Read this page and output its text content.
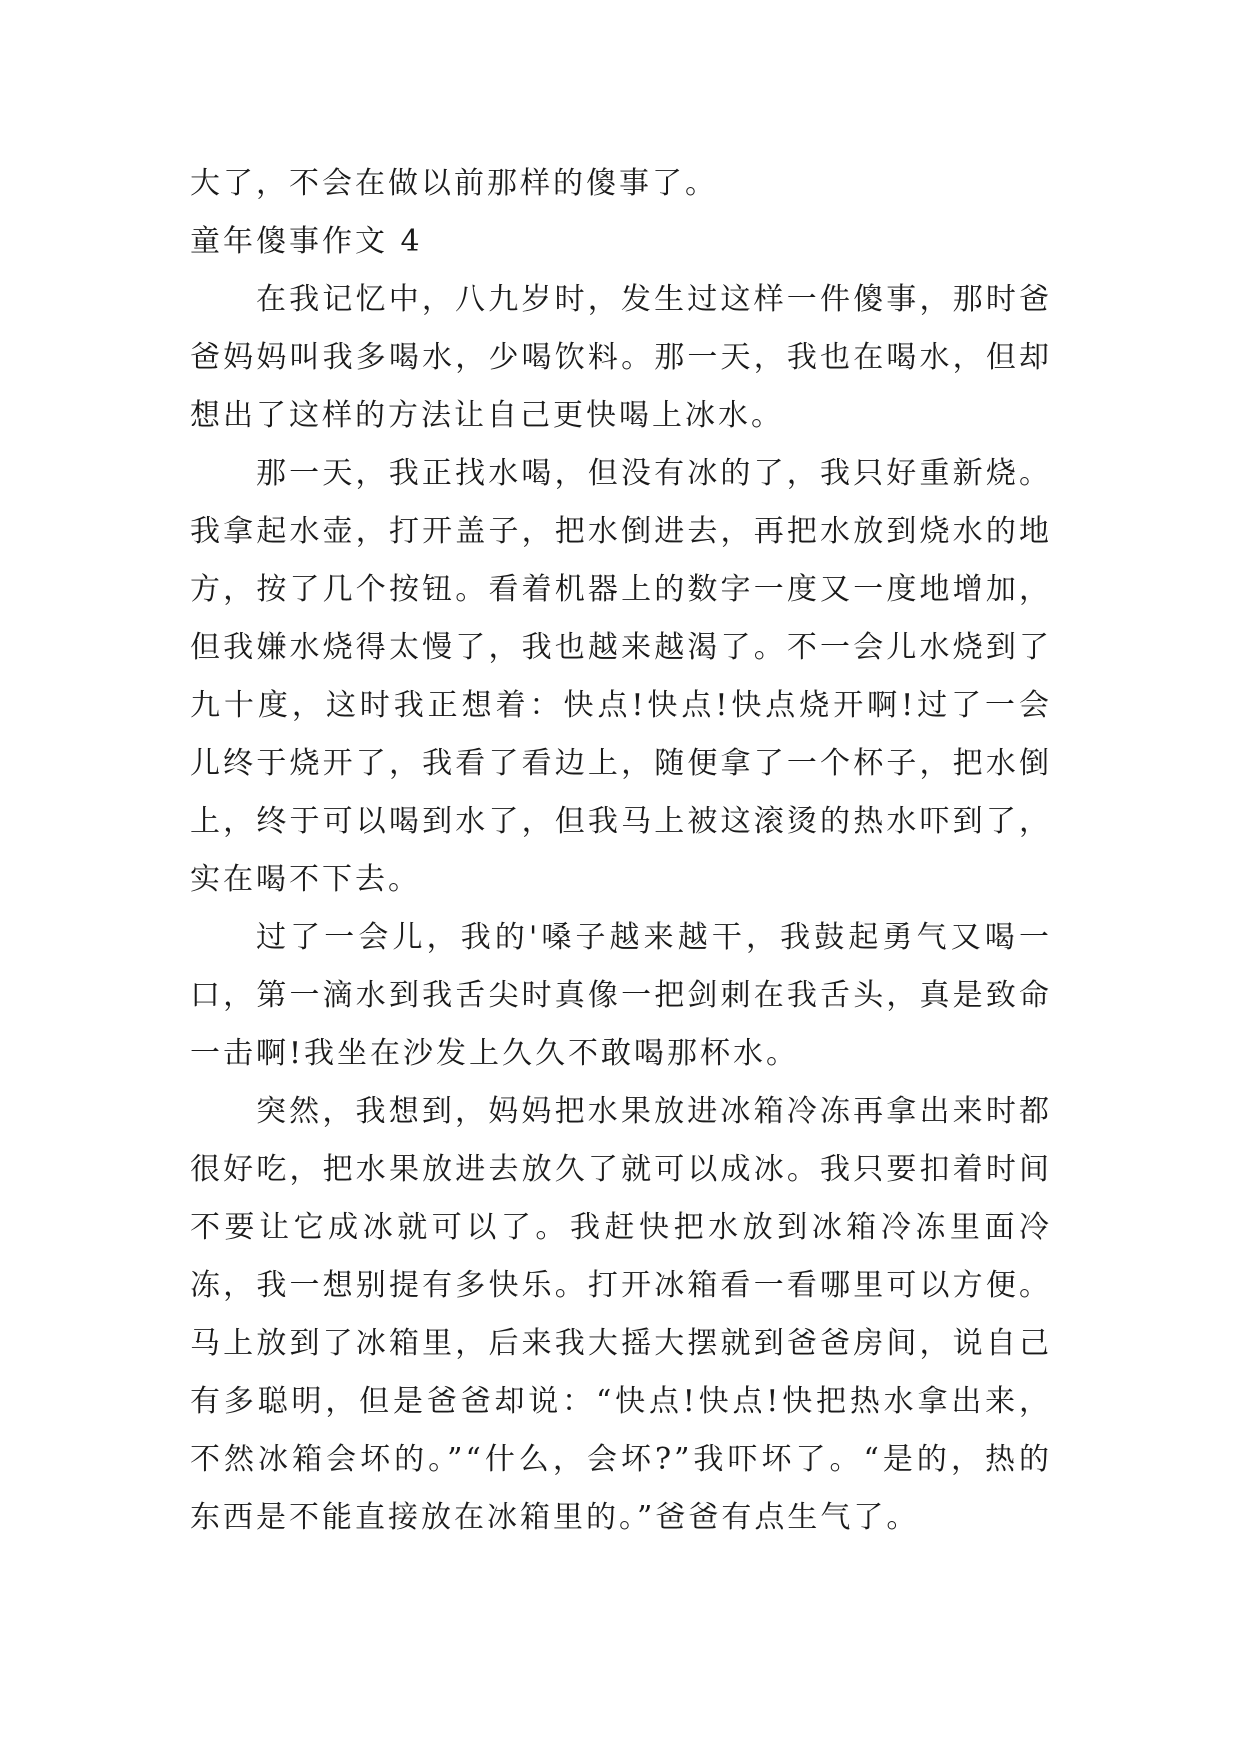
大了，不会在做以前那样的傻事了。

童年傻事作文 4

在我记忆中，八九岁时，发生过这样一件傻事，那时爸爸妈妈叫我多喝水，少喝饮料。那一天，我也在喝水，但却想出了这样的方法让自己更快喝上冰水。

那一天，我正找水喝，但没有冰的了，我只好重新烧。我拿起水壶，打开盖子，把水倒进去，再把水放到烧水的地方，按了几个按钮。看着机器上的数字一度又一度地增加，但我嫌水烧得太慢了，我也越来越渴了。不一会儿水烧到了九十度，这时我正想着：快点!快点!快点烧开啊!过了一会儿终于烧开了，我看了看边上，随便拿了一个杯子，把水倒上，终于可以喝到水了，但我马上被这滚烫的热水吓到了，实在喝不下去。

过了一会儿，我的'嗓子越来越干，我鼓起勇气又喝一口，第一滴水到我舌尖时真像一把剑刺在我舌头，真是致命一击啊!我坐在沙发上久久不敢喝那杯水。

突然，我想到，妈妈把水果放进冰箱冷冻再拿出来时都很好吃，把水果放进去放久了就可以成冰。我只要扣着时间不要让它成冰就可以了。我赶快把水放到冰箱冷冻里面冷冻，我一想别提有多快乐。打开冰箱看一看哪里可以方便。马上放到了冰箱里，后来我大摇大摆就到爸爸房间，说自己有多聪明，但是爸爸却说：“快点!快点!快把热水拿出来，不然冰箱会坏的。”“什么，会坏?”我吓坏了。“是的，热的东西是不能直接放在冰箱里的。”爸爸有点生气了。
